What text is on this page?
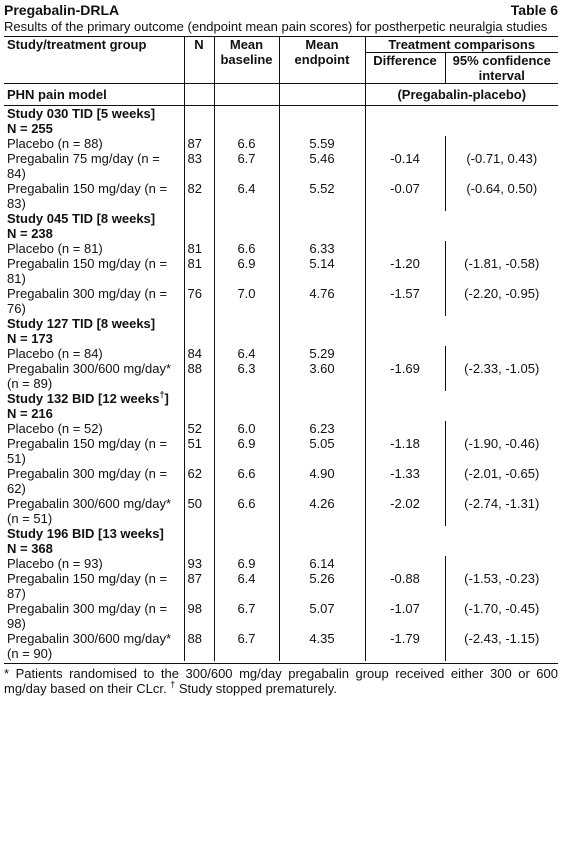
Pregabalin-DRLA	Table 6
Results of the primary outcome (endpoint mean pain scores) for postherpetic neuralgia studies
Study/treatment group	N	Mean baseline	Mean endpoint	Treatment comparisons	
				Difference	95% confidence interval
PHN pain model				(Pregabalin-placebo)	
Study 030 TID [5 weeks]
N = 255					
Placebo (n = 88)	87	6.6	5.59		
Pregabalin 75 mg/day (n = 84)	83	6.7	5.46	-0.14	(-0.71, 0.43)
Pregabalin 150 mg/day (n = 83)	82	6.4	5.52	-0.07	(-0.64, 0.50)
Study 045 TID [8 weeks]
N = 238					
Placebo (n = 81)	81	6.6	6.33		
Pregabalin 150 mg/day (n = 81)	81	6.9	5.14	-1.20	(-1.81, -0.58)
Pregabalin 300 mg/day (n = 76)	76	7.0	4.76	-1.57	(-2.20, -0.95)
Study 127 TID [8 weeks]
N = 173					
Placebo (n = 84)	84	6.4	5.29		
Pregabalin 300/600 mg/day* (n = 89)	88	6.3	3.60	-1.69	(-2.33, -1.05)
Study 132 BID [12 weeks†]
N = 216					
Placebo (n = 52)	52	6.0	6.23		
Pregabalin 150 mg/day (n = 51)	51	6.9	5.05	-1.18	(-1.90, -0.46)
Pregabalin 300 mg/day (n = 62)	62	6.6	4.90	-1.33	(-2.01, -0.65)
Pregabalin 300/600 mg/day* (n = 51)	50	6.6	4.26	-2.02	(-2.74, -1.31)
Study 196 BID [13 weeks]
N = 368					
Placebo (n = 93)	93	6.9	6.14		
Pregabalin 150 mg/day (n = 87)	87	6.4	5.26	-0.88	(-1.53, -0.23)
Pregabalin 300 mg/day (n = 98)	98	6.7	5.07	-1.07	(-1.70, -0.45)
Pregabalin 300/600 mg/day* (n = 90)	88	6.7	4.35	-1.79	(-2.43, -1.15)
* Patients randomised to the 300/600 mg/day pregabalin group received either 300 or 600 mg/day based on their CLcr. † Study stopped prematurely.
